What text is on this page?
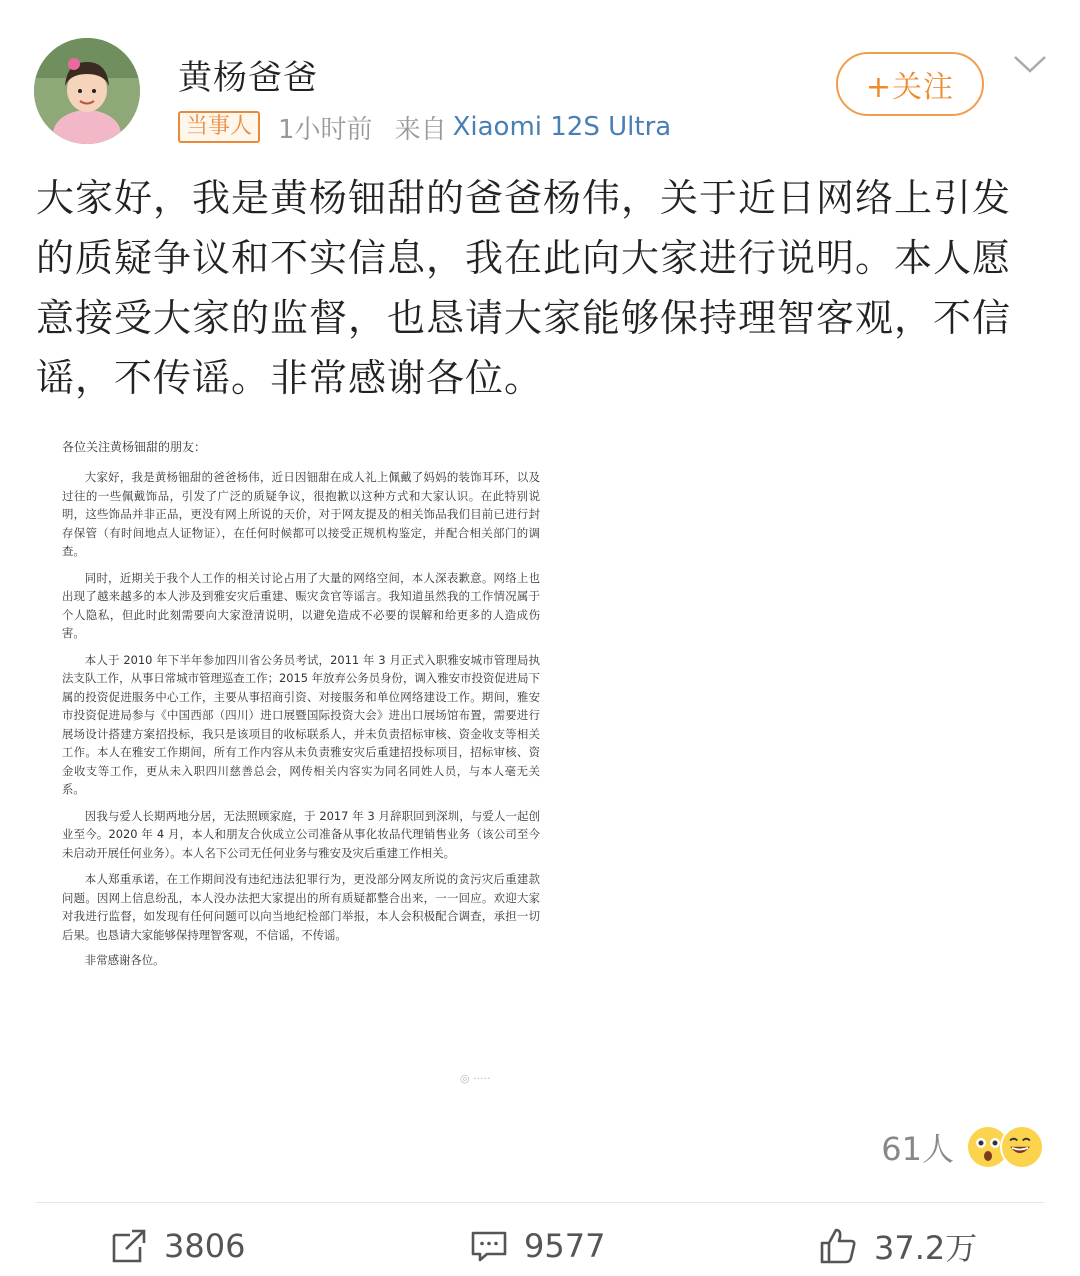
黄杨爸爸
当事人	1小时前 来自 Xiaomi 12S Ultra
+关注
大家好，我是黄杨钿甜的爸爸杨伟，关于近日网络上引发的质疑争议和不实信息，我在此向大家进行说明。本人愿意接受大家的监督，也恳请大家能够保持理智客观，不信谣，不传谣。非常感谢各位。
各位关注黄杨钿甜的朋友：

大家好，我是黄杨钿甜的爸爸杨伟，近日因钿甜在成人礼上佩戴了妈妈的装饰耳环，以及过往的一些佩戴饰品，引发了广泛的质疑争议，很抱歉以这种方式和大家认识。在此特别说明，这些饰品并非正品，更没有网上所说的天价，对于网友提及的相关饰品我们目前已进行封存保管（有时间地点人证物证），在任何时候都可以接受正规机构鉴定，并配合相关部门的调查。

同时，近期关于我个人工作的相关讨论占用了大量的网络空间，本人深表歉意。网络上也出现了越来越多的本人涉及到雅安灾后重建、赈灾贪官等谣言。我知道虽然我的工作情况属于个人隐私，但此时此刻需要向大家澄清说明，以避免造成不必要的误解和给更多的人造成伤害。

本人于 2010 年下半年参加四川省公务员考试，2011 年 3 月正式入职雅安城市管理局执法支队工作，从事日常城市管理巡查工作；2015 年放弃公务员身份，调入雅安市投资促进局下属的投资促进服务中心工作，主要从事招商引资、对接服务和单位网络建设工作。期间，雅安市投资促进局参与《中国西部（四川）进口展暨国际投资大会》进出口展场馆布置，需要进行展场设计搭建方案招投标，我只是该项目的收标联系人，并未负责招标审核、资金收支等相关工作。本人在雅安工作期间，所有工作内容从未负责雅安灾后重建招投标项目，招标审核、资金收支等工作，更从未入职四川慈善总会，网传相关内容实为同名同姓人员，与本人毫无关系。

因我与爱人长期两地分居，无法照顾家庭，于 2017 年 3 月辞职回到深圳，与爱人一起创业至今。2020 年 4 月，本人和朋友合伙成立公司准备从事化妆品代理销售业务（该公司至今未启动开展任何业务）。本人名下公司无任何业务与雅安及灾后重建工作相关。

本人郑重承诺，在工作期间没有违纪违法犯罪行为，更没部分网友所说的贪污灾后重建款问题。因网上信息纷乱，本人没办法把大家提出的所有质疑都整合出来，一一回应。欢迎大家对我进行监督，如发现有任何问题可以向当地纪检部门举报，本人会积极配合调查，承担一切后果。也恳请大家能够保持理智客观，不信谣，不传谣。

非常感谢各位。
◎ ·····
61人
3806	9577	37.2万
